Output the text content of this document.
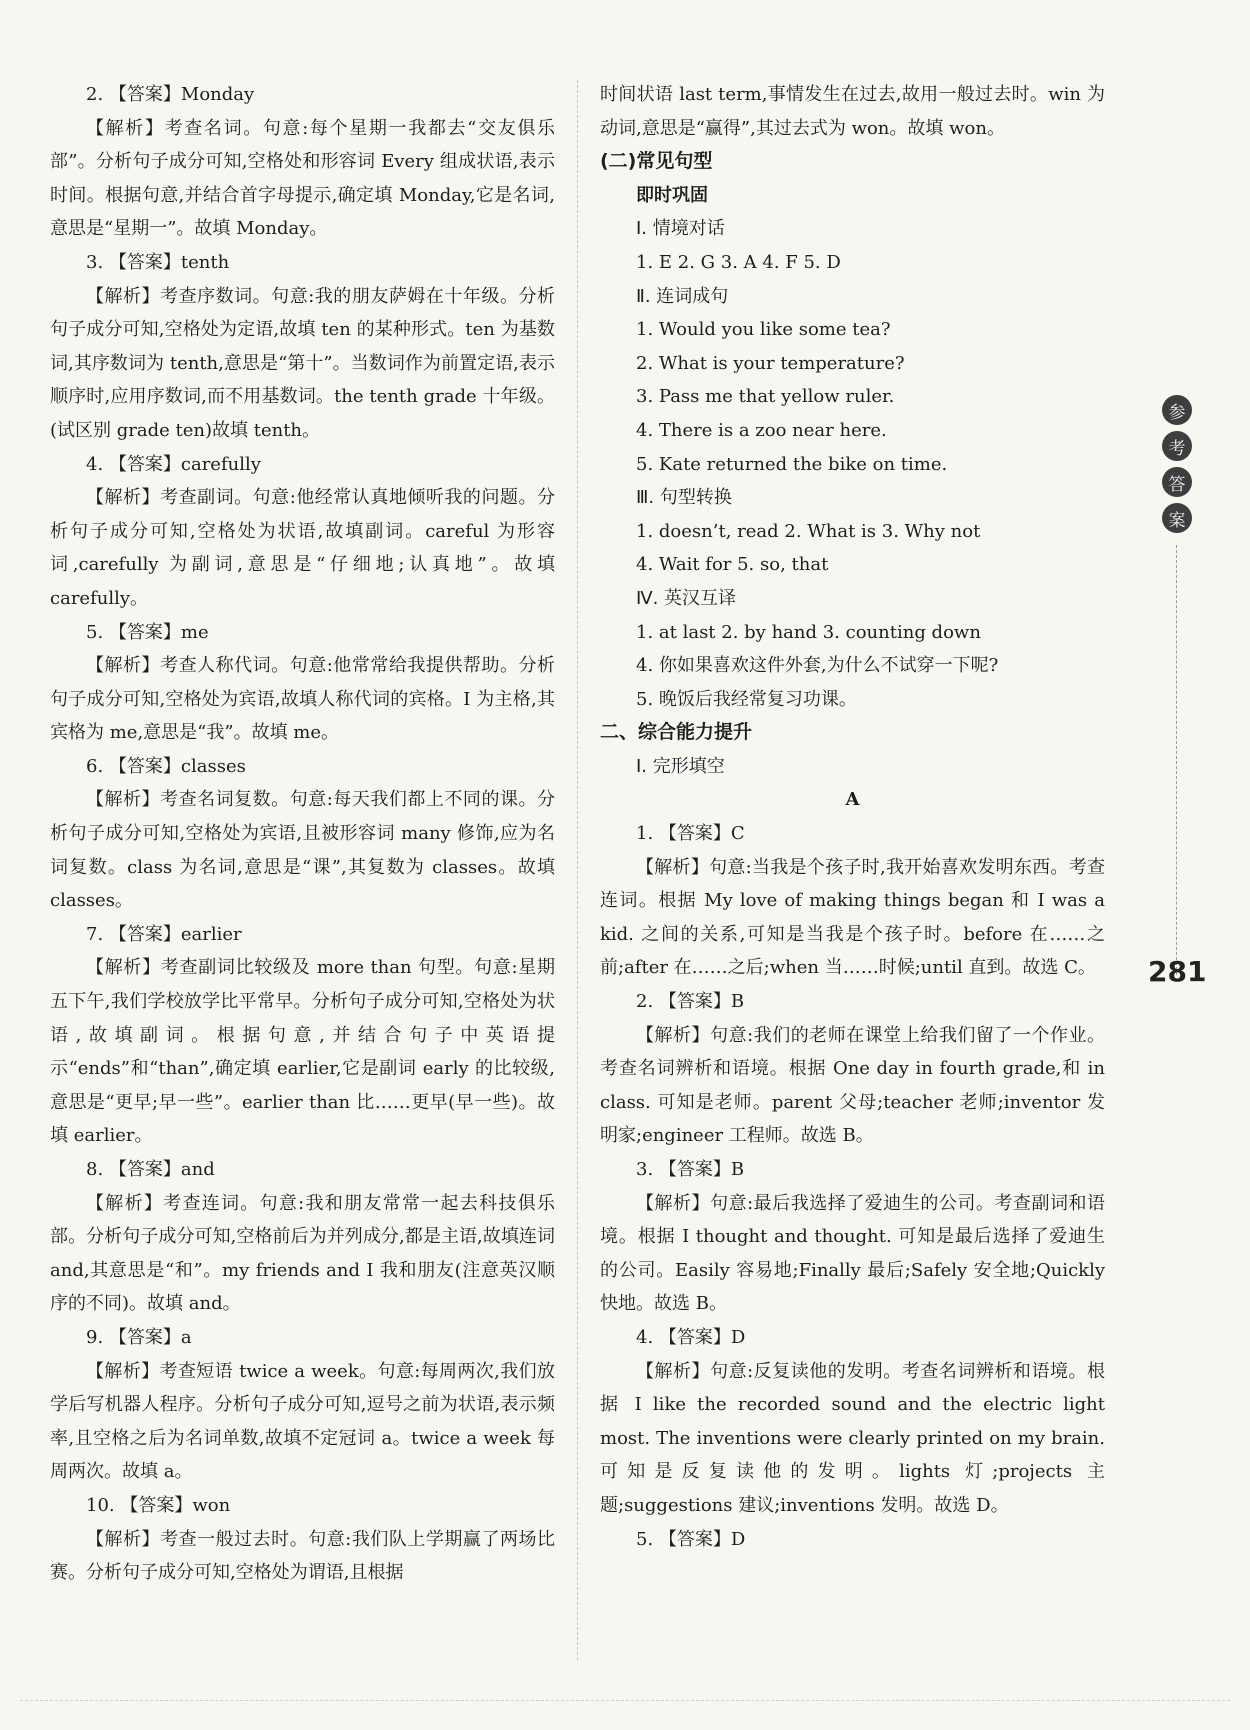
2. 【答案】Monday

【解析】考查名词。句意:每个星期一我都去“交友俱乐部”。分析句子成分可知,空格处和形容词 Every 组成状语,表示时间。根据句意,并结合首字母提示,确定填 Monday,它是名词,意思是“星期一”。故填 Monday。

3. 【答案】tenth

【解析】考查序数词。句意:我的朋友萨姆在十年级。分析句子成分可知,空格处为定语,故填 ten 的某种形式。ten 为基数词,其序数词为 tenth,意思是“第十”。当数词作为前置定语,表示顺序时,应用序数词,而不用基数词。the tenth grade 十年级。(试区别 grade ten)故填 tenth。

4. 【答案】carefully

【解析】考查副词。句意:他经常认真地倾听我的问题。分析句子成分可知,空格处为状语,故填副词。careful 为形容词,carefully 为副词,意思是“仔细地;认真地”。故填 carefully。

5. 【答案】me

【解析】考查人称代词。句意:他常常给我提供帮助。分析句子成分可知,空格处为宾语,故填人称代词的宾格。I 为主格,其宾格为 me,意思是“我”。故填 me。

6. 【答案】classes

【解析】考查名词复数。句意:每天我们都上不同的课。分析句子成分可知,空格处为宾语,且被形容词 many 修饰,应为名词复数。class 为名词,意思是“课”,其复数为 classes。故填 classes。

7. 【答案】earlier

【解析】考查副词比较级及 more than 句型。句意:星期五下午,我们学校放学比平常早。分析句子成分可知,空格处为状语,故填副词。根据句意,并结合句子中英语提示“ends”和“than”,确定填 earlier,它是副词 early 的比较级,意思是“更早;早一些”。earlier than 比……更早(早一些)。故填 earlier。

8. 【答案】and

【解析】考查连词。句意:我和朋友常常一起去科技俱乐部。分析句子成分可知,空格前后为并列成分,都是主语,故填连词 and,其意思是“和”。my friends and I 我和朋友(注意英汉顺序的不同)。故填 and。

9. 【答案】a

【解析】考查短语 twice a week。句意:每周两次,我们放学后写机器人程序。分析句子成分可知,逗号之前为状语,表示频率,且空格之后为名词单数,故填不定冠词 a。twice a week 每周两次。故填 a。

10. 【答案】won

【解析】考查一般过去时。句意:我们队上学期赢了两场比赛。分析句子成分可知,空格处为谓语,且根据

时间状语 last term,事情发生在过去,故用一般过去时。win 为动词,意思是“赢得”,其过去式为 won。故填 won。

(二)常见句型

即时巩固

Ⅰ. 情境对话

1. E 2. G 3. A 4. F 5. D

Ⅱ. 连词成句

1. Would you like some tea?

2. What is your temperature?

3. Pass me that yellow ruler.

4. There is a zoo near here.

5. Kate returned the bike on time.

Ⅲ. 句型转换

1. doesn’t, read 2. What is 3. Why not

4. Wait for 5. so, that

Ⅳ. 英汉互译

1. at last 2. by hand 3. counting down

4. 你如果喜欢这件外套,为什么不试穿一下呢?

5. 晚饭后我经常复习功课。

二、综合能力提升

Ⅰ. 完形填空

A

1. 【答案】C

【解析】句意:当我是个孩子时,我开始喜欢发明东西。考查连词。根据 My love of making things began 和 I was a kid. 之间的关系,可知是当我是个孩子时。before 在……之前;after 在……之后;when 当……时候;until 直到。故选 C。

2. 【答案】B

【解析】句意:我们的老师在课堂上给我们留了一个作业。考查名词辨析和语境。根据 One day in fourth grade,和 in class. 可知是老师。parent 父母;teacher 老师;inventor 发明家;engineer 工程师。故选 B。

3. 【答案】B

【解析】句意:最后我选择了爱迪生的公司。考查副词和语境。根据 I thought and thought. 可知是最后选择了爱迪生的公司。Easily 容易地;Finally 最后;Safely 安全地;Quickly 快地。故选 B。

4. 【答案】D

【解析】句意:反复读他的发明。考查名词辨析和语境。根据 I like the recorded sound and the electric light most. The inventions were clearly printed on my brain. 可知是反复读他的发明。lights 灯;projects 主题;suggestions 建议;inventions 发明。故选 D。

5. 【答案】D

参
考
答
案
281
